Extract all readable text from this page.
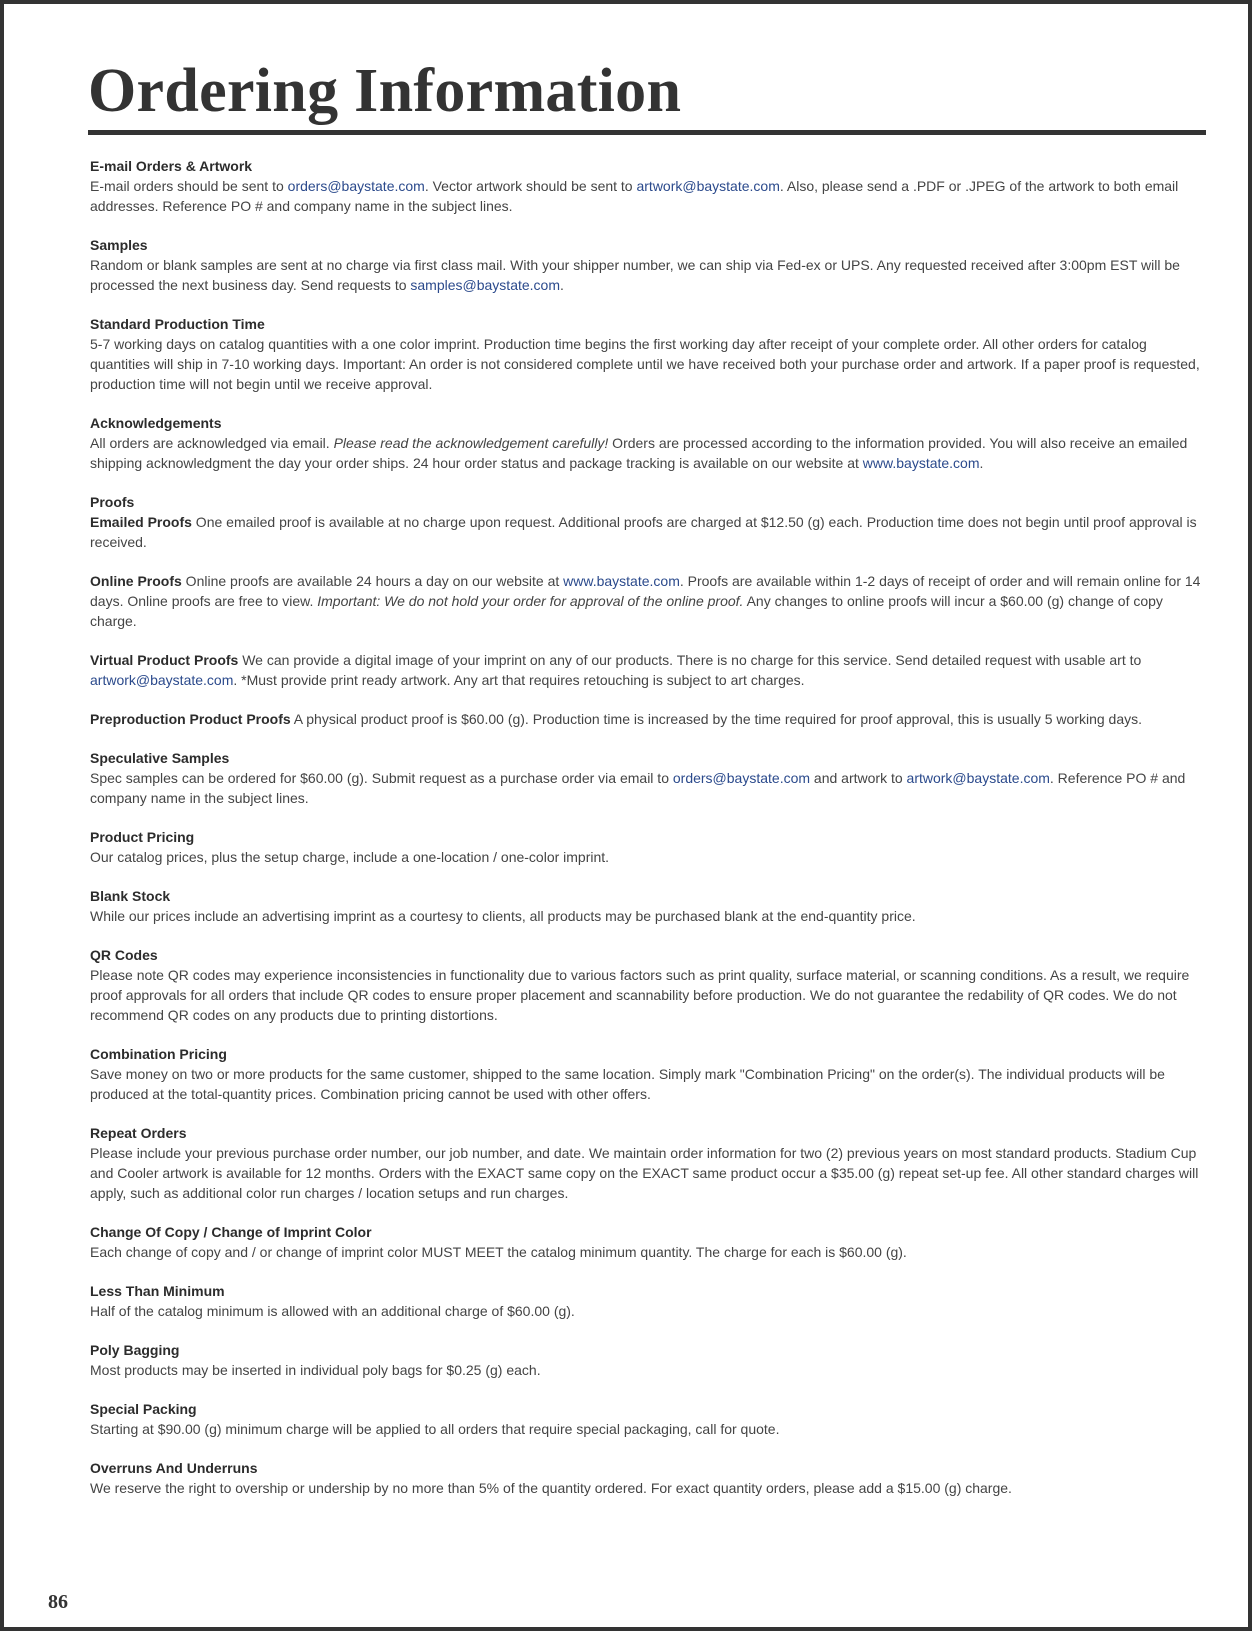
Ordering Information
E-mail Orders & Artwork

E-mail orders should be sent to orders@baystate.com. Vector artwork should be sent to artwork@baystate.com. Also, please send a .PDF or .JPEG of the artwork to both email addresses. Reference PO # and company name in the subject lines.

Samples

Random or blank samples are sent at no charge via first class mail. With your shipper number, we can ship via Fed-ex or UPS. Any requested received after 3:00pm EST will be processed the next business day. Send requests to samples@baystate.com.

Standard Production Time

5-7 working days on catalog quantities with a one color imprint. Production time begins the first working day after receipt of your complete order. All other orders for catalog quantities will ship in 7-10 working days. Important: An order is not considered complete until we have received both your purchase order and artwork. If a paper proof is requested, production time will not begin until we receive approval.

Acknowledgements

All orders are acknowledged via email. Please read the acknowledgement carefully! Orders are processed according to the information provided. You will also receive an emailed shipping acknowledgment the day your order ships. 24 hour order status and package tracking is available on our website at www.baystate.com.

Proofs

Emailed Proofs One emailed proof is available at no charge upon request. Additional proofs are charged at $12.50 (g) each. Production time does not begin until proof approval is received.

Online Proofs Online proofs are available 24 hours a day on our website at www.baystate.com. Proofs are available within 1-2 days of receipt of order and will remain online for 14 days. Online proofs are free to view. Important: We do not hold your order for approval of the online proof. Any changes to online proofs will incur a $60.00 (g) change of copy charge.

Virtual Product Proofs We can provide a digital image of your imprint on any of our products. There is no charge for this service. Send detailed request with usable art to artwork@baystate.com. *Must provide print ready artwork. Any art that requires retouching is subject to art charges.

Preproduction Product Proofs A physical product proof is $60.00 (g). Production time is increased by the time required for proof approval, this is usually 5 working days.

Speculative Samples

Spec samples can be ordered for $60.00 (g). Submit request as a purchase order via email to orders@baystate.com and artwork to artwork@baystate.com. Reference PO # and company name in the subject lines.

Product Pricing

Our catalog prices, plus the setup charge, include a one-location / one-color imprint.

Blank Stock

While our prices include an advertising imprint as a courtesy to clients, all products may be purchased blank at the end-quantity price.

QR Codes

Please note QR codes may experience inconsistencies in functionality due to various factors such as print quality, surface material, or scanning conditions. As a result, we require proof approvals for all orders that include QR codes to ensure proper placement and scannability before production. We do not guarantee the redability of QR codes. We do not recommend QR codes on any products due to printing distortions.

Combination Pricing

Save money on two or more products for the same customer, shipped to the same location. Simply mark "Combination Pricing" on the order(s). The individual products will be produced at the total-quantity prices. Combination pricing cannot be used with other offers.

Repeat Orders

Please include your previous purchase order number, our job number, and date. We maintain order information for two (2) previous years on most standard products. Stadium Cup and Cooler artwork is available for 12 months. Orders with the EXACT same copy on the EXACT same product occur a $35.00 (g) repeat set-up fee. All other standard charges will apply, such as additional color run charges / location setups and run charges.

Change Of Copy / Change of Imprint Color

Each change of copy and / or change of imprint color MUST MEET the catalog minimum quantity. The charge for each is $60.00 (g).

Less Than Minimum

Half of the catalog minimum is allowed with an additional charge of $60.00 (g).

Poly Bagging

Most products may be inserted in individual poly bags for $0.25 (g) each.

Special Packing

Starting at $90.00 (g) minimum charge will be applied to all orders that require special packaging, call for quote.

Overruns And Underruns

We reserve the right to overship or undership by no more than 5% of the quantity ordered. For exact quantity orders, please add a $15.00 (g) charge.

86
